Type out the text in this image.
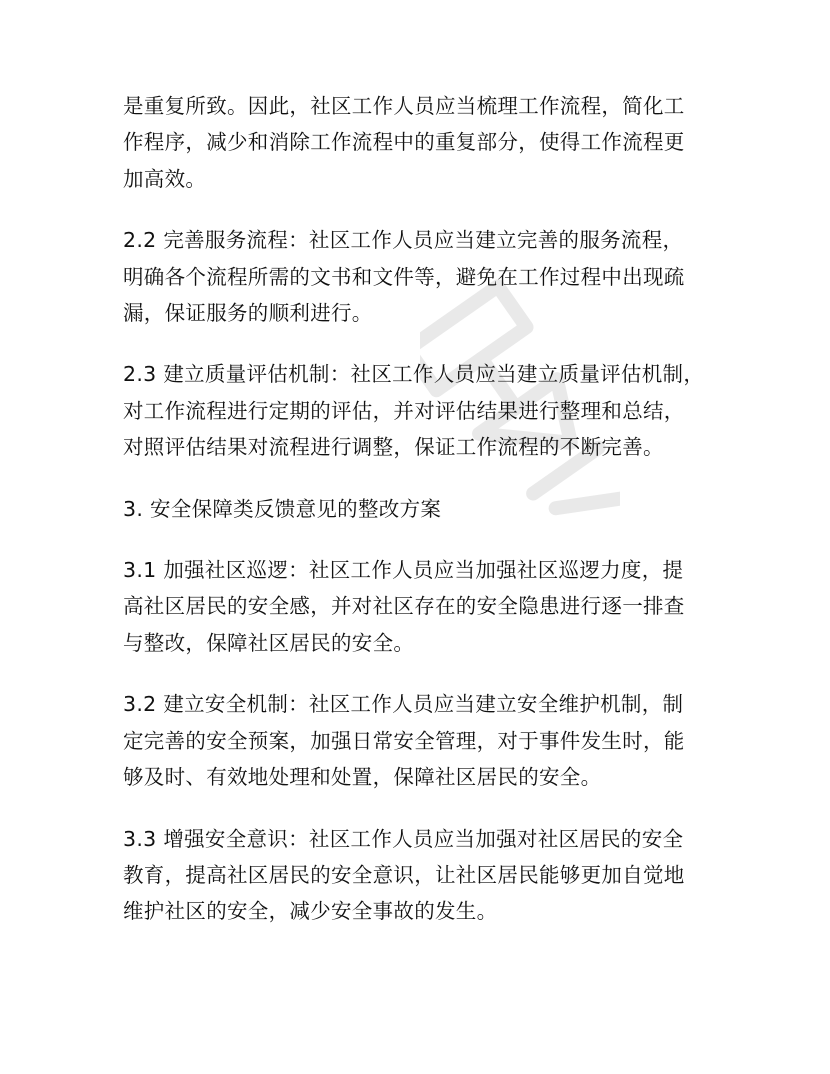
是重复所致。因此，社区工作人员应当梳理工作流程，简化工
作程序，减少和消除工作流程中的重复部分，使得工作流程更
加高效。
2.2 完善服务流程：社区工作人员应当建立完善的服务流程，
明确各个流程所需的文书和文件等，避免在工作过程中出现疏
漏，保证服务的顺利进行。
2.3 建立质量评估机制：社区工作人员应当建立质量评估机制，
对工作流程进行定期的评估，并对评估结果进行整理和总结，
对照评估结果对流程进行调整，保证工作流程的不断完善。
3. 安全保障类反馈意见的整改方案
3.1 加强社区巡逻：社区工作人员应当加强社区巡逻力度，提
高社区居民的安全感，并对社区存在的安全隐患进行逐一排查
与整改，保障社区居民的安全。
3.2 建立安全机制：社区工作人员应当建立安全维护机制，制
定完善的安全预案，加强日常安全管理，对于事件发生时，能
够及时、有效地处理和处置，保障社区居民的安全。
3.3 增强安全意识：社区工作人员应当加强对社区居民的安全
教育，提高社区居民的安全意识，让社区居民能够更加自觉地
维护社区的安全，减少安全事故的发生。
